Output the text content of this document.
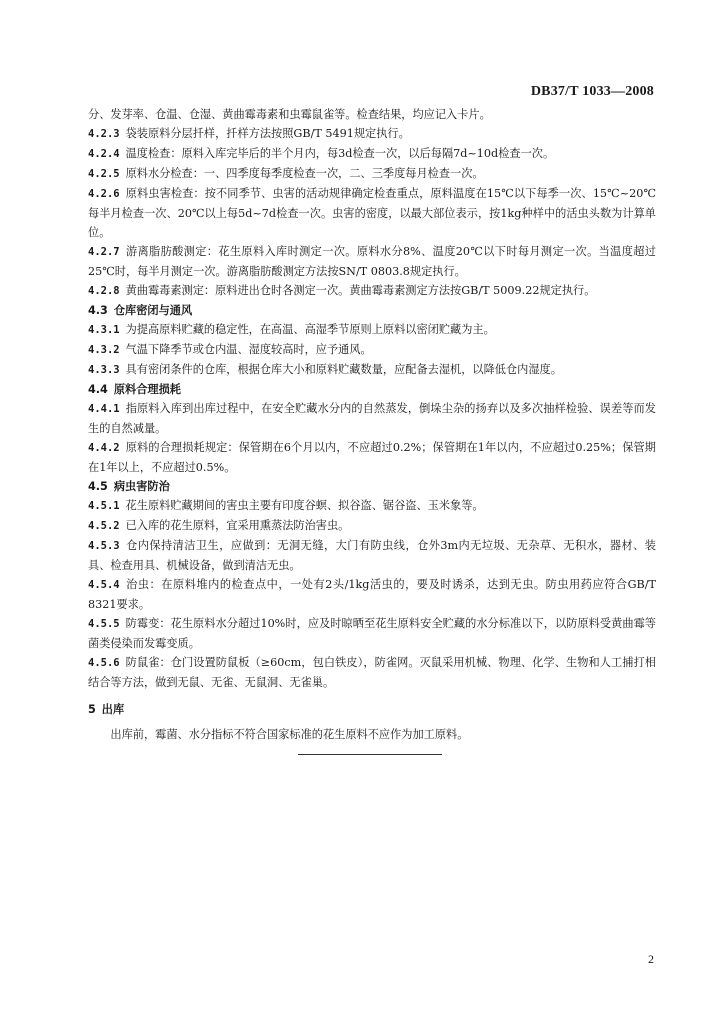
DB37/T 1033—2008

分、发芽率、仓温、仓湿、黄曲霉毒素和虫霉鼠雀等。检查结果，均应记入卡片。

4.2.3 袋装原料分层扦样，扦样方法按照GB/T 5491规定执行。

4.2.4 温度检查：原料入库完毕后的半个月内，每3d检查一次，以后每隔7d~10d检查一次。

4.2.5 原料水分检查：一、四季度每季度检查一次，二、三季度每月检查一次。

4.2.6 原料虫害检查：按不同季节、虫害的活动规律确定检查重点，原料温度在15℃以下每季一次、15℃~20℃每半月检查一次、20℃以上每5d~7d检查一次。虫害的密度，以最大部位表示，按1kg种样中的活虫头数为计算单位。

4.2.7 游离脂肪酸测定：花生原料入库时测定一次。原料水分8%、温度20℃以下时每月测定一次。当温度超过25℃时，每半月测定一次。游离脂肪酸测定方法按SN/T 0803.8规定执行。

4.2.8 黄曲霉毒素测定：原料进出仓时各测定一次。黄曲霉毒素测定方法按GB/T 5009.22规定执行。

4.3 仓库密闭与通风

4.3.1 为提高原料贮藏的稳定性，在高温、高湿季节原则上原料以密闭贮藏为主。

4.3.2 气温下降季节或仓内温、湿度较高时，应予通风。

4.3.3 具有密闭条件的仓库，根据仓库大小和原料贮藏数量，应配备去湿机，以降低仓内湿度。

4.4 原料合理损耗

4.4.1 指原料入库到出库过程中，在安全贮藏水分内的自然蒸发，倒垛尘杂的扬弃以及多次抽样检验、误差等而发生的自然减量。

4.4.2 原料的合理损耗规定：保管期在6个月以内，不应超过0.2%；保管期在1年以内，不应超过0.25%；保管期在1年以上，不应超过0.5%。

4.5 病虫害防治

4.5.1 花生原料贮藏期间的害虫主要有印度谷螟、拟谷盗、锯谷盗、玉米象等。

4.5.2 已入库的花生原料，宜采用熏蒸法防治害虫。

4.5.3 仓内保持清洁卫生，应做到：无洞无缝，大门有防虫线，仓外3m内无垃圾、无杂草、无积水，器材、装具、检查用具、机械设备，做到清洁无虫。

4.5.4 治虫：在原料堆内的检查点中，一处有2头/1kg活虫的，要及时诱杀，达到无虫。防虫用药应符合GB/T 8321要求。

4.5.5 防霉变：花生原料水分超过10%时，应及时晾晒至花生原料安全贮藏的水分标准以下，以防原料受黄曲霉等菌类侵染而发霉变质。

4.5.6 防鼠雀：仓门设置防鼠板（≥60cm，包白铁皮），防雀网。灭鼠采用机械、物理、化学、生物和人工捕打相结合等方法，做到无鼠、无雀、无鼠洞、无雀巢。

5 出库

出库前，霉菌、水分指标不符合国家标准的花生原料不应作为加工原料。

2
